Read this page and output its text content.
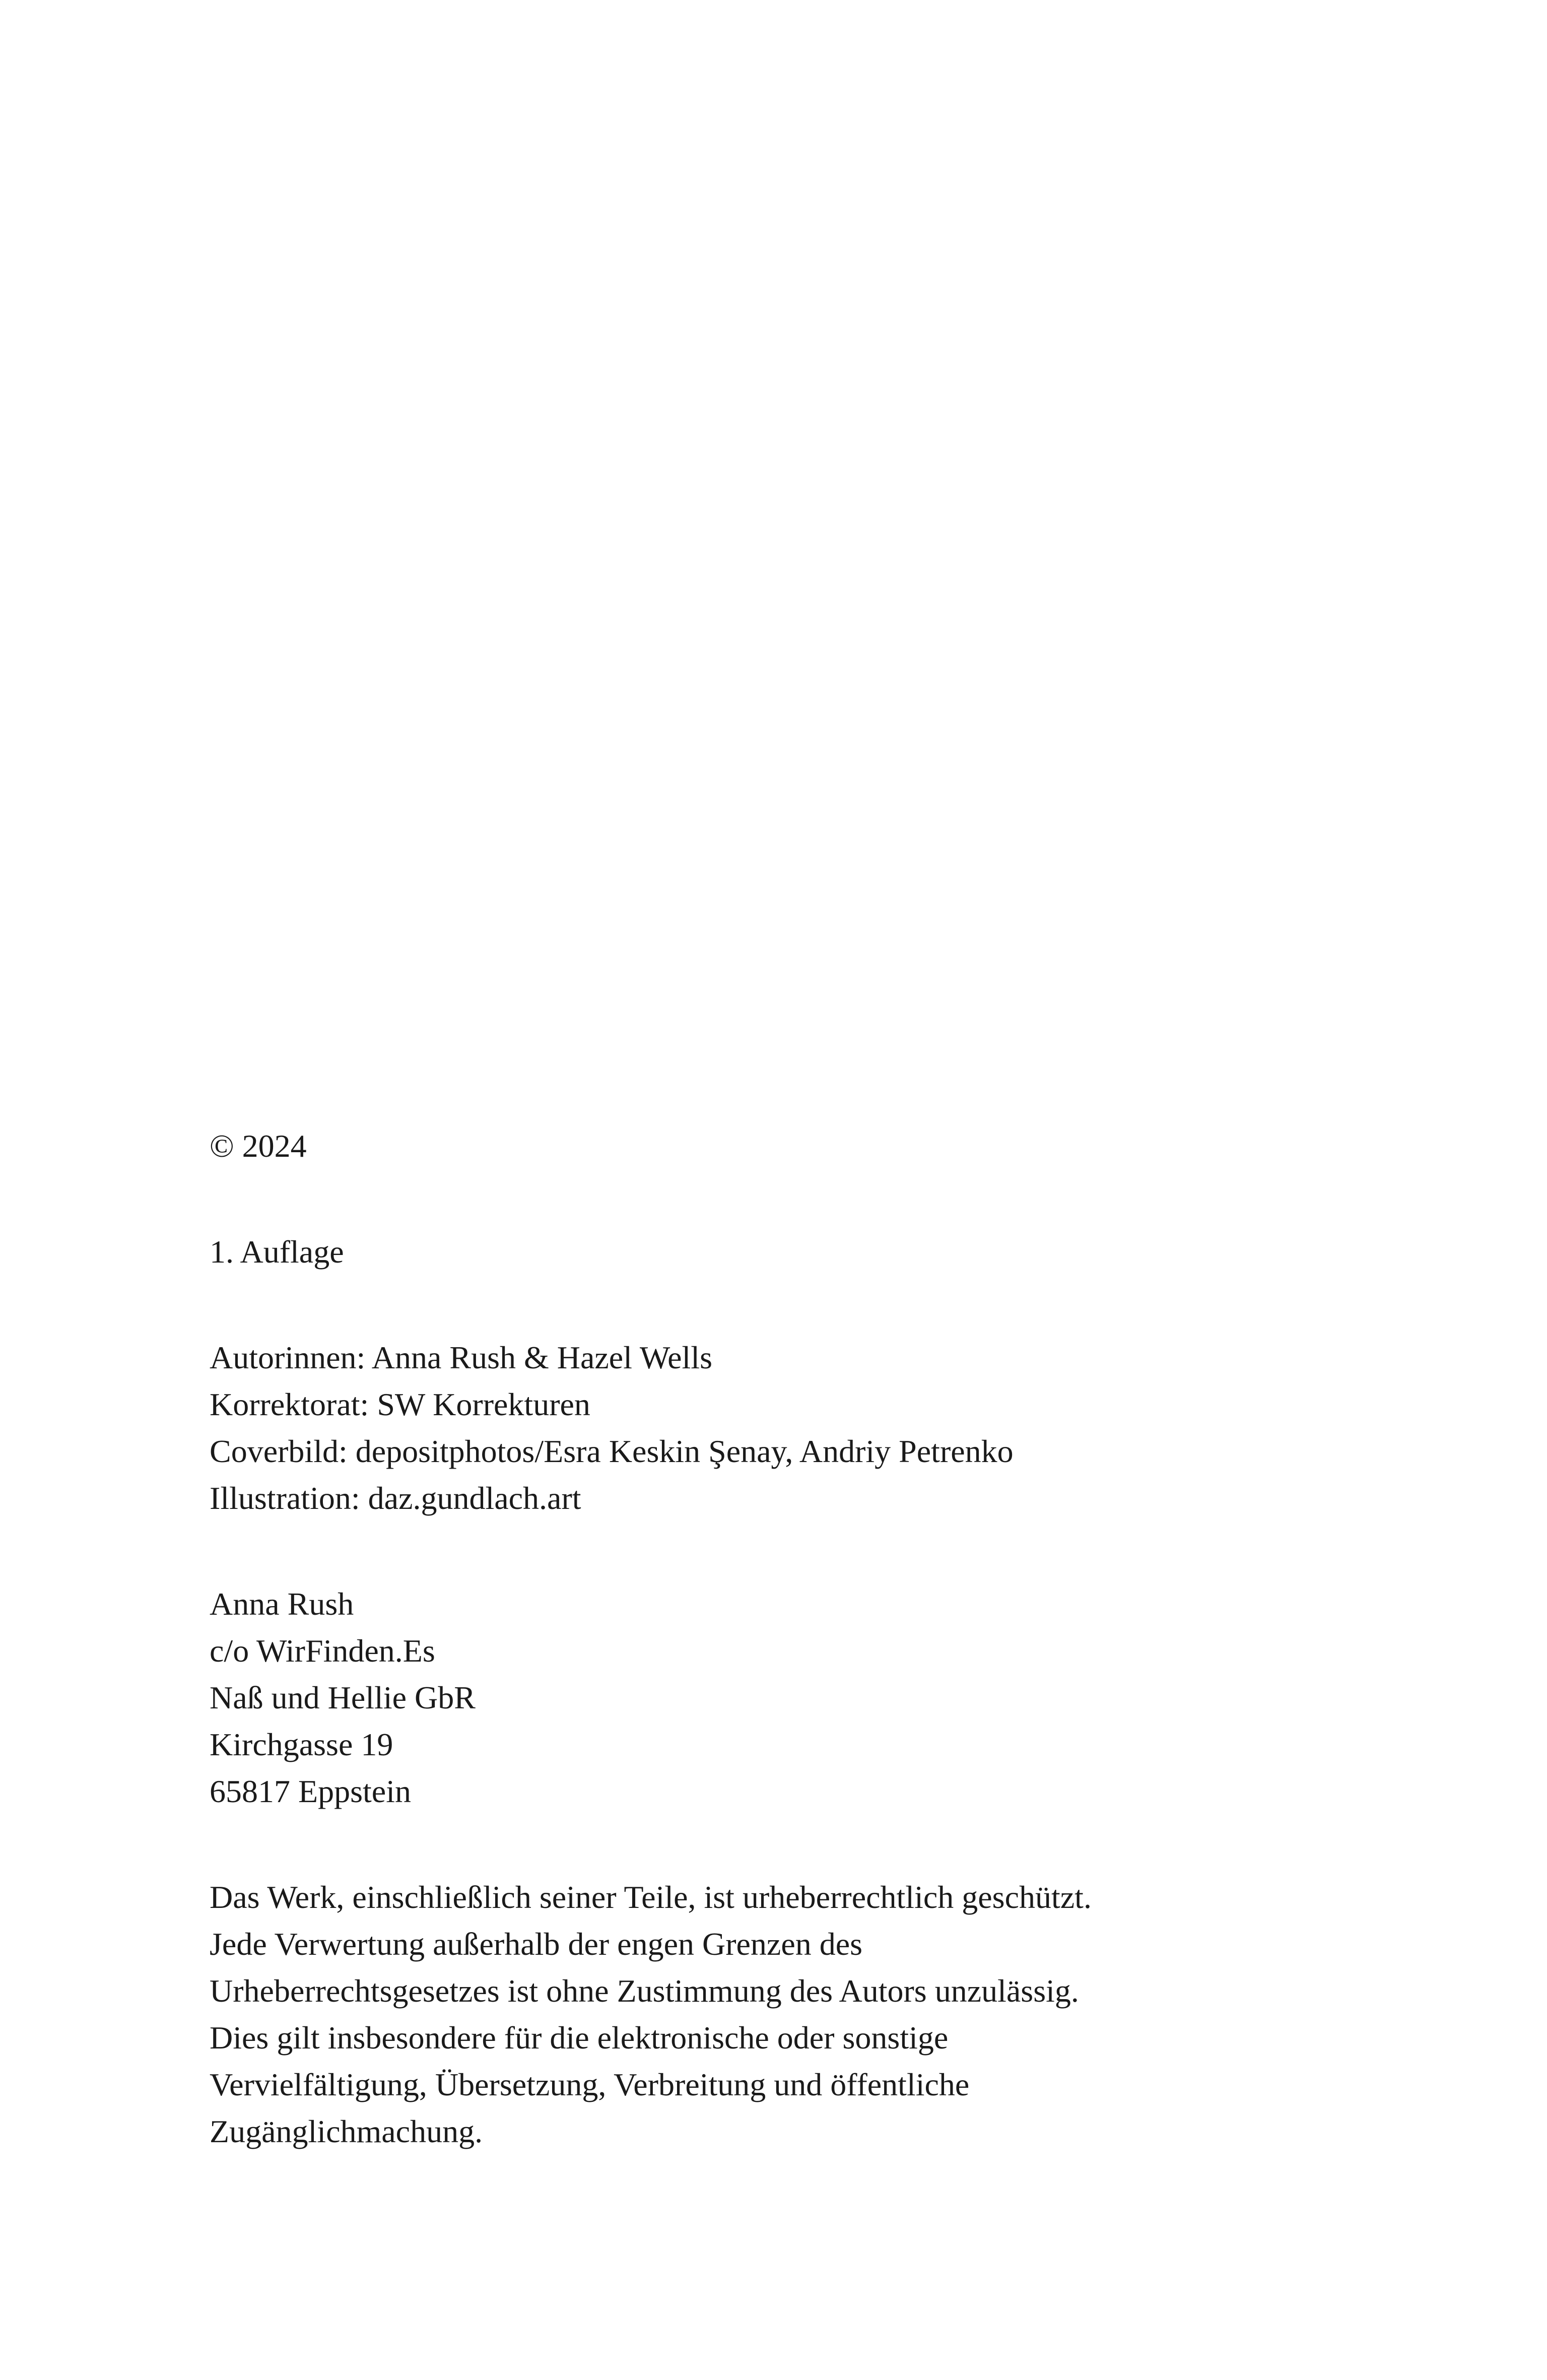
© 2024
1. Auflage
Autorinnen: Anna Rush & Hazel Wells
Korrektorat: SW Korrekturen
Coverbild: depositphotos/Esra Keskin Şenay, Andriy Petrenko
Illustration: daz.gundlach.art
Anna Rush
c/o WirFinden.Es
Naß und Hellie GbR
Kirchgasse 19
65817 Eppstein
Das Werk, einschließlich seiner Teile, ist urheberrechtlich geschützt.
Jede Verwertung außerhalb der engen Grenzen des
Urheberrechtsgesetzes ist ohne Zustimmung des Autors unzulässig.
Dies gilt insbesondere für die elektronische oder sonstige
Vervielfältigung, Übersetzung, Verbreitung und öffentliche
Zugänglichmachung.
